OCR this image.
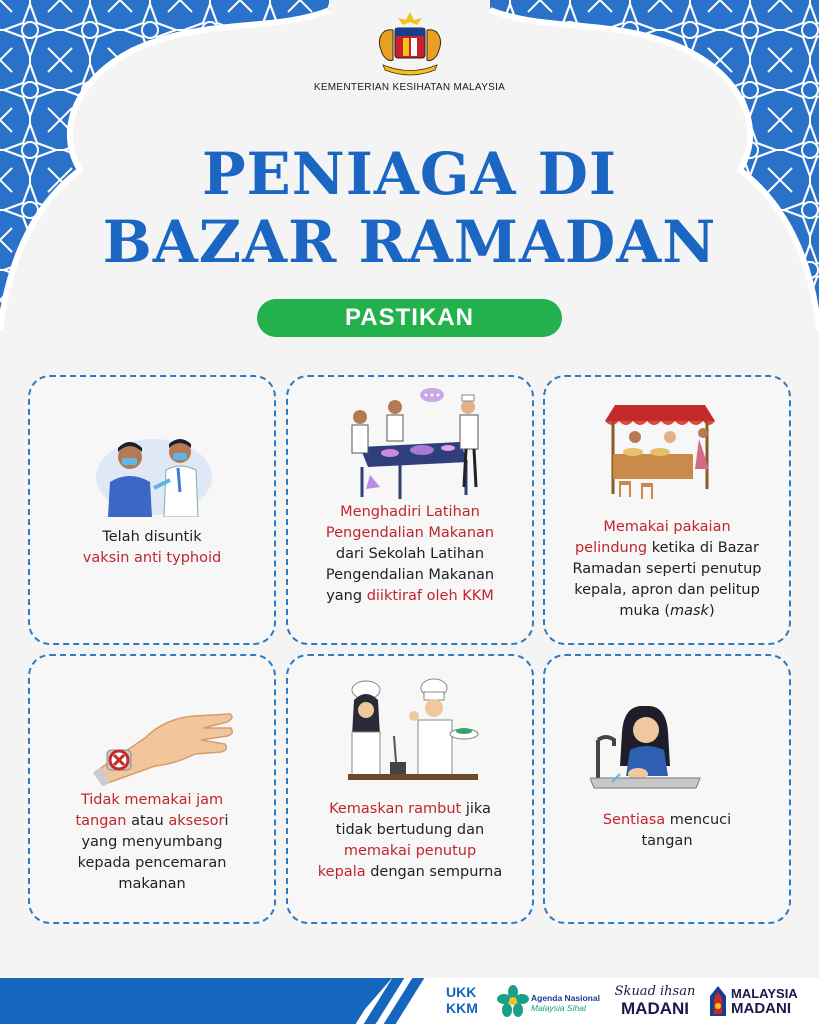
KEMENTERIAN KESIHATAN MALAYSIA
PENIAGA DI
BAZAR RAMADAN
PASTIKAN
Telah disuntik
vaksin anti typhoid
Menghadiri Latihan
Pengendalian Makanan
dari Sekolah Latihan
Pengendalian Makanan
yang diiktiraf oleh KKM
Memakai pakaian
pelindung ketika di Bazar
Ramadan seperti penutup
kepala, apron dan pelitup
muka (mask)
Tidak memakai jam
tangan atau aksesori
yang menyumbang
kepada pencemaran
makanan
Kemaskan rambut jika
tidak bertudung dan
memakai penutup
kepala dengan sempurna
Sentiasa mencuci
tangan
UKK
KKM
Agenda Nasional
Malaysia Sihat
Skuad ihsan
MADANI
MALAYSIA
MADANI
